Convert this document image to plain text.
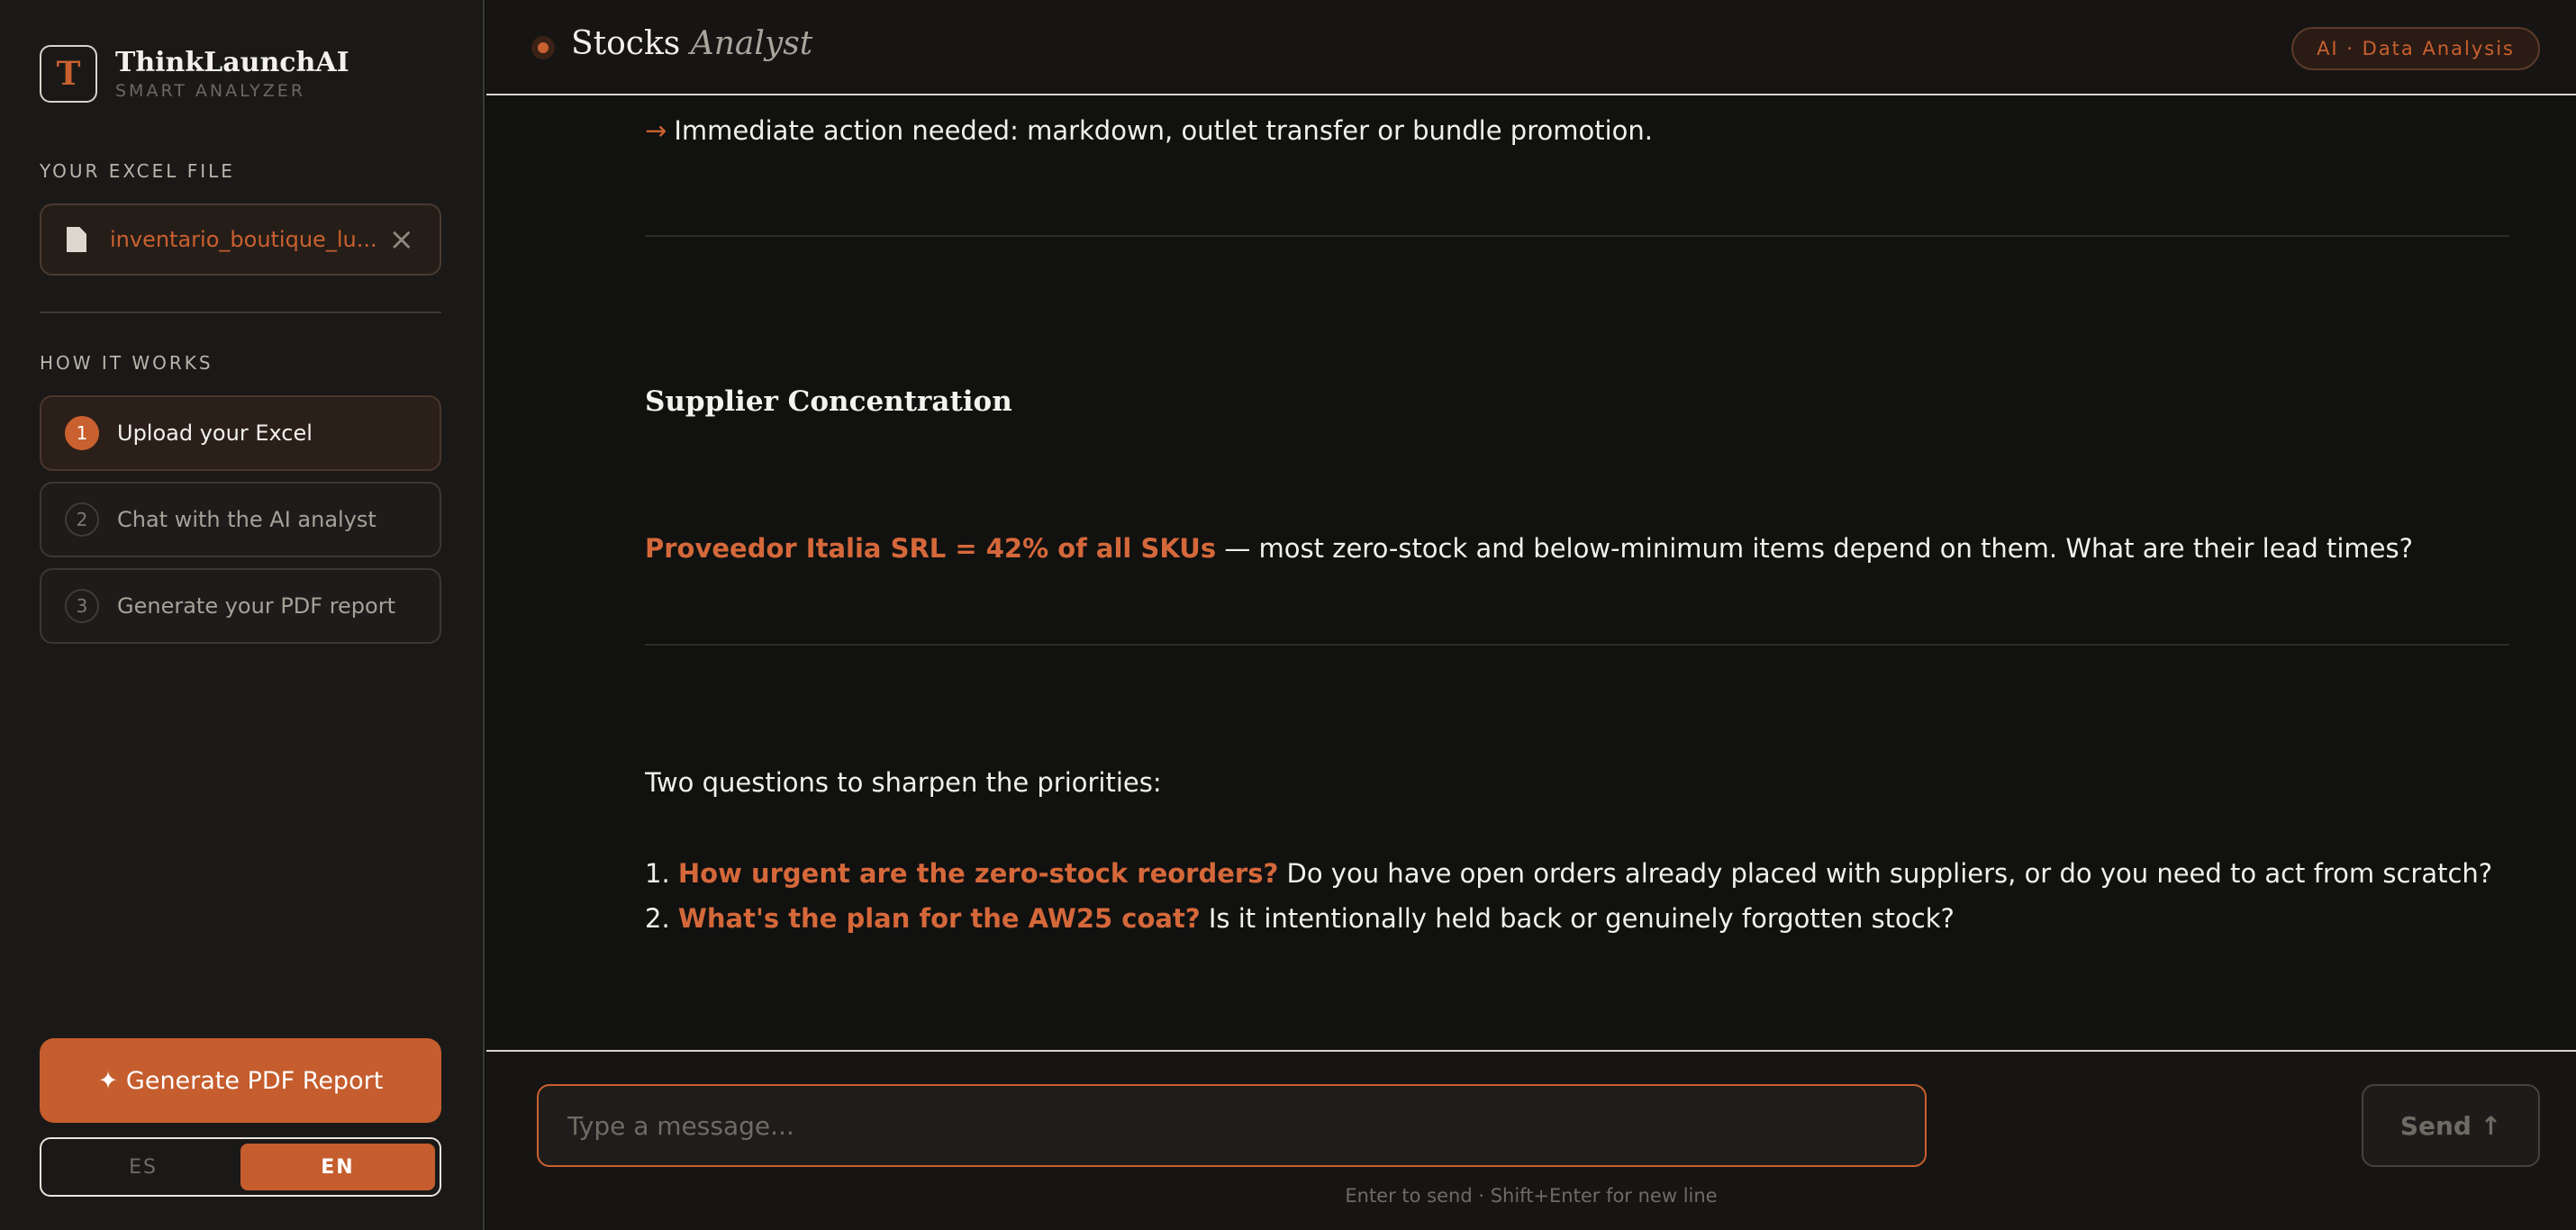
T	ThinkLaunchAI
SMART ANALYZER
YOUR EXCEL FILE
inventario_boutique_lu... ×
HOW IT WORKS
1	Upload your Excel
2	Chat with the AI analyst
3	Generate your PDF report
✦ Generate PDF Report
ES	EN
Stocks Analyst	AI · Data Analysis
→ Immediate action needed: markdown, outlet transfer or bundle promotion.
Supplier Concentration
Proveedor Italia SRL = 42% of all SKUs — most zero-stock and below-minimum items depend on them. What are their lead times?
Two questions to sharpen the priorities:
1. How urgent are the zero-stock reorders? Do you have open orders already placed with suppliers, or do you need to act from scratch?
2. What's the plan for the AW25 coat? Is it intentionally held back or genuinely forgotten stock?
Type a message...
Send ↑
Enter to send · Shift+Enter for new line
